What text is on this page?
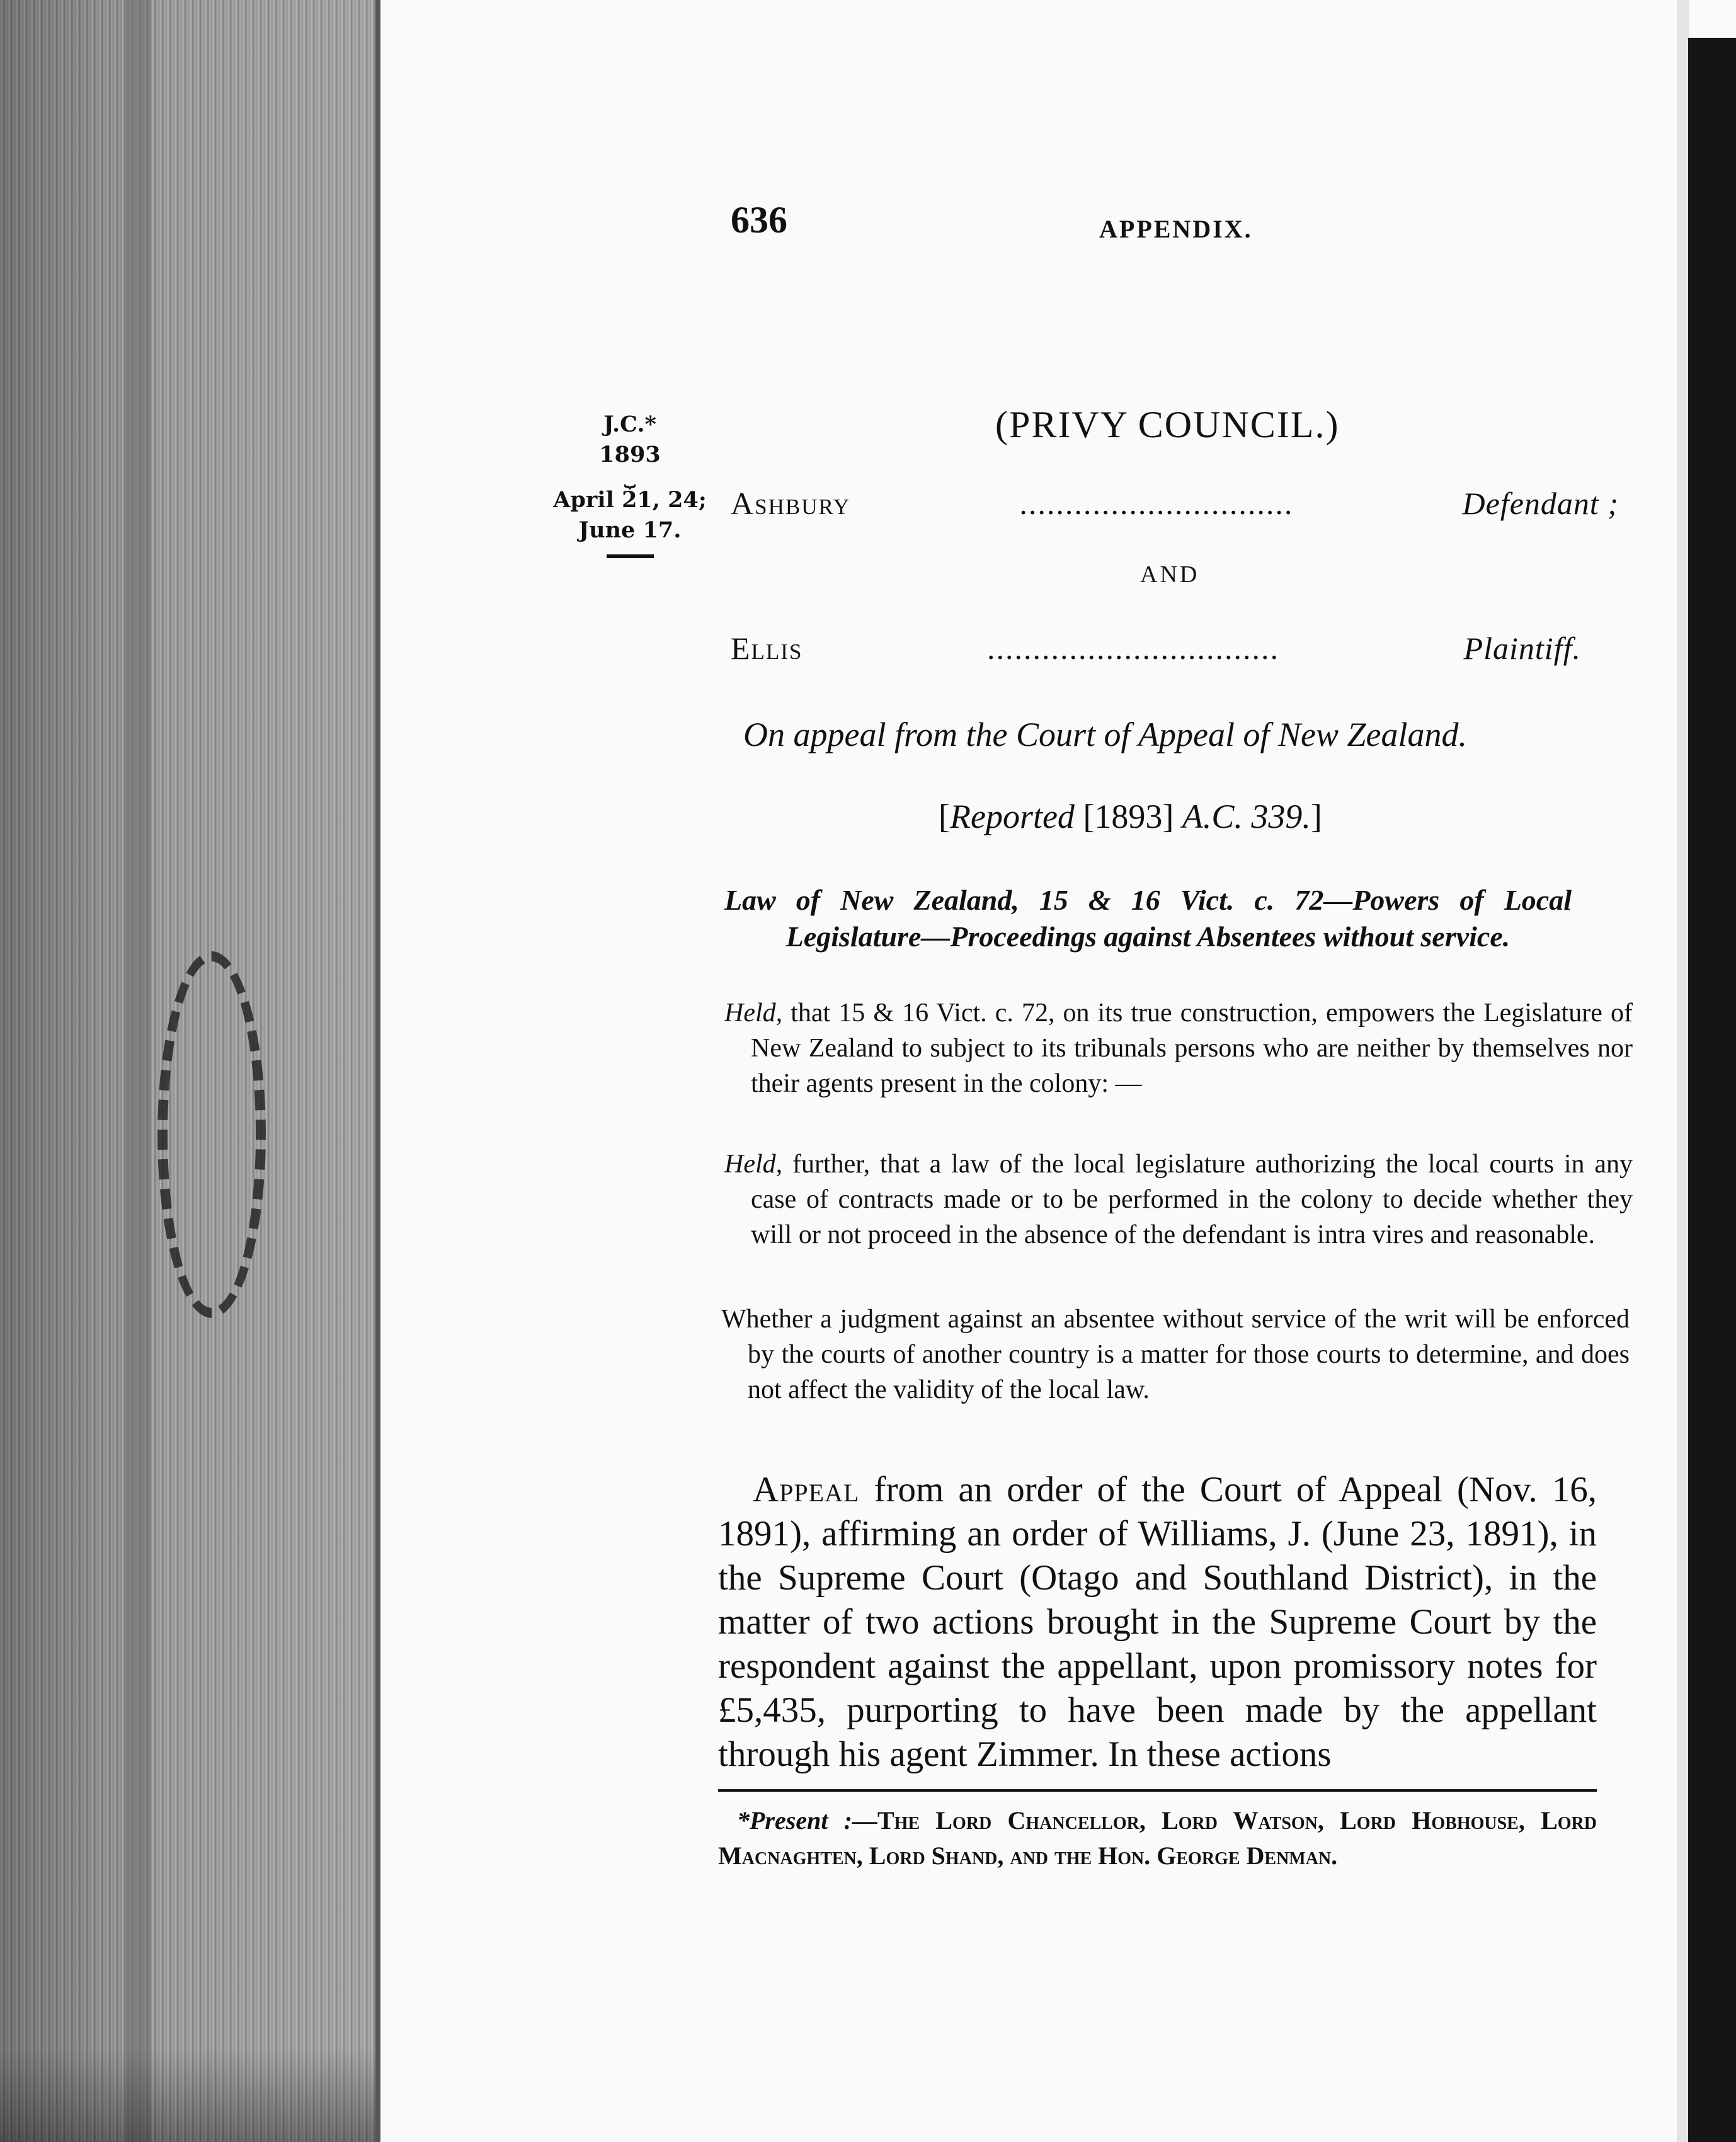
636	APPENDIX.
J.C.*
1893
⏟
April 21, 24;
June 17.
(PRIVY COUNCIL.)
Ashbury	..............................	Defendant ;
AND
Ellis	................................	Plaintiff.
On appeal from the Court of Appeal of New Zealand.
[Reported [1893] A.C. 339.]
Law of New Zealand, 15 & 16 Vict. c. 72—Powers of Local Legislature—Proceedings against Absentees without service.
Held, that 15 & 16 Vict. c. 72, on its true construction, empowers the Legislature of New Zealand to subject to its tribunals persons who are neither by themselves nor their agents present in the colony: —
Held, further, that a law of the local legislature authorizing the local courts in any case of contracts made or to be performed in the colony to decide whether they will or not proceed in the absence of the defendant is intra vires and reasonable.
Whether a judgment against an absentee without service of the writ will be enforced by the courts of another country is a matter for those courts to determine, and does not affect the validity of the local law.
Appeal from an order of the Court of Appeal (Nov. 16, 1891), affirming an order of Williams, J. (June 23, 1891), in the Supreme Court (Otago and Southland District), in the matter of two actions brought in the Supreme Court by the respondent against the appellant, upon promissory notes for £5,435, purporting to have been made by the appellant through his agent Zimmer. In these actions
*Present :—The Lord Chancellor, Lord Watson, Lord Hobhouse, Lord Macnaghten, Lord Shand, and the Hon. George Denman.
